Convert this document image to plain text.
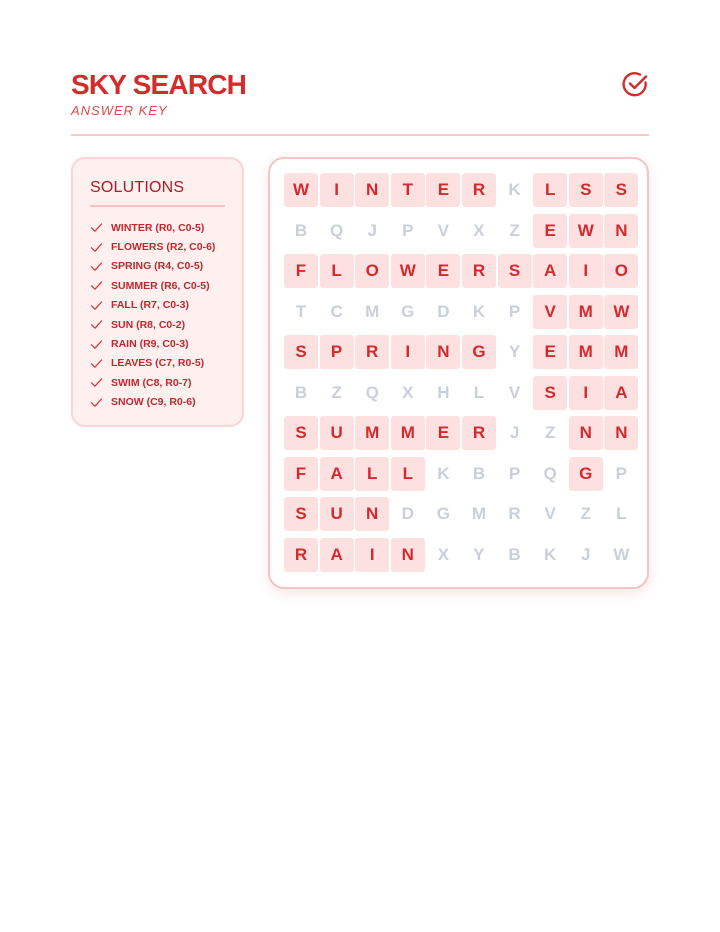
SKY SEARCH
ANSWER KEY
SOLUTIONS
WINTER (R0, C0-5)
FLOWERS (R2, C0-6)
SPRING (R4, C0-5)
SUMMER (R6, C0-5)
FALL (R7, C0-3)
SUN (R8, C0-2)
RAIN (R9, C0-3)
LEAVES (C7, R0-5)
SWIM (C8, R0-7)
SNOW (C9, R0-6)
W	I	N	T	E	R	K	L	S	S
B	Q	J	P	V	X	Z	E	W	N
F	L	O	W	E	R	S	A	I	O
T	C	M	G	D	K	P	V	M	W
S	P	R	I	N	G	Y	E	M	M
B	Z	Q	X	H	L	V	S	I	A
S	U	M	M	E	R	J	Z	N	N
F	A	L	L	K	B	P	Q	G	P
S	U	N	D	G	M	R	V	Z	L
R	A	I	N	X	Y	B	K	J	W
